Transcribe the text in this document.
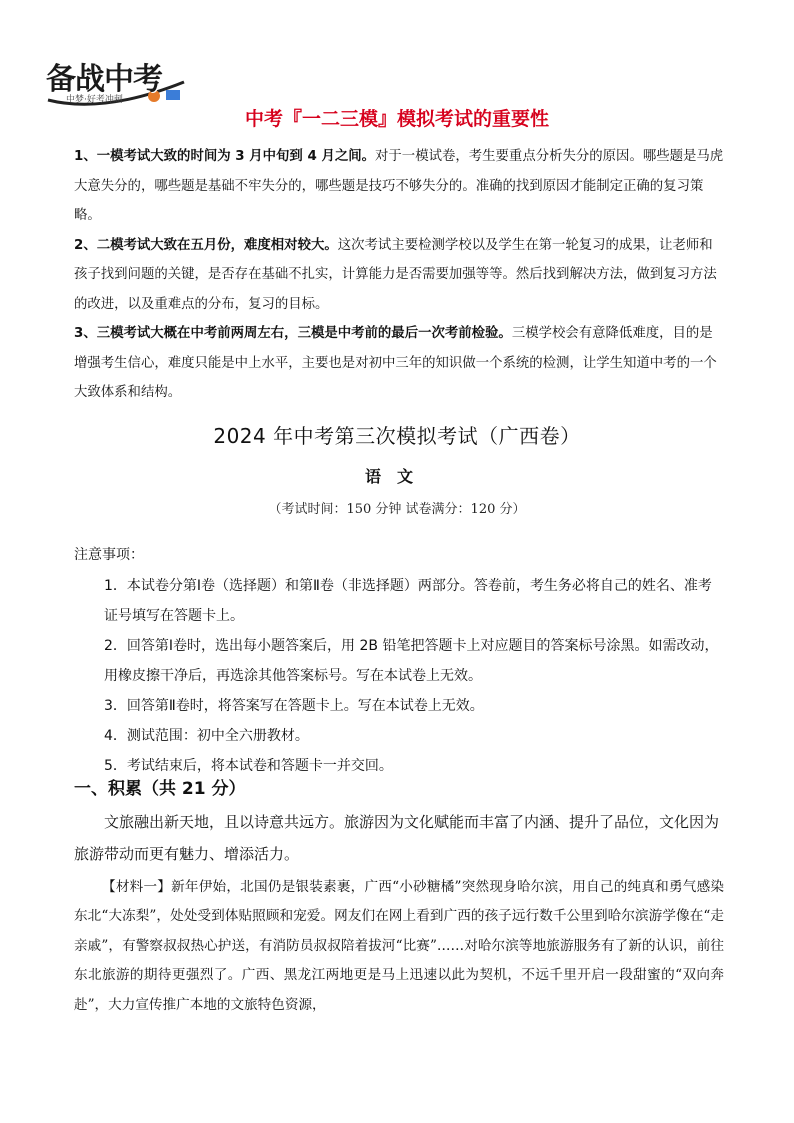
备战中考
中梦·好考冲刺
中考『一二三模』模拟考试的重要性

1、一模考试大致的时间为 3 月中旬到 4 月之间。对于一模试卷，考生要重点分析失分的原因。哪些题是马虎大意失分的，哪些题是基础不牢失分的，哪些题是技巧不够失分的。准确的找到原因才能制定正确的复习策略。

2、二模考试大致在五月份，难度相对较大。这次考试主要检测学校以及学生在第一轮复习的成果，让老师和孩子找到问题的关键，是否存在基础不扎实，计算能力是否需要加强等等。然后找到解决方法，做到复习方法的改进，以及重难点的分布，复习的目标。

3、三模考试大概在中考前两周左右，三模是中考前的最后一次考前检验。三模学校会有意降低难度，目的是增强考生信心，难度只能是中上水平，主要也是对初中三年的知识做一个系统的检测，让学生知道中考的一个大致体系和结构。

2024 年中考第三次模拟考试（广西卷）
语文
（考试时间：150 分钟 试卷满分：120 分）
注意事项：

1．本试卷分第Ⅰ卷（选择题）和第Ⅱ卷（非选择题）两部分。答卷前，考生务必将自己的姓名、准考证号填写在答题卡上。

2．回答第Ⅰ卷时，选出每小题答案后，用 2B 铅笔把答题卡上对应题目的答案标号涂黑。如需改动，用橡皮擦干净后，再选涂其他答案标号。写在本试卷上无效。

3．回答第Ⅱ卷时，将答案写在答题卡上。写在本试卷上无效。

4．测试范围：初中全六册教材。

5．考试结束后，将本试卷和答题卡一并交回。

一、积累（共 21 分）

文旅融出新天地，且以诗意共远方。旅游因为文化赋能而丰富了内涵、提升了品位，文化因为旅游带动而更有魅力、增添活力。

【材料一】新年伊始，北国仍是银装素裹，广西“小砂糖橘”突然现身哈尔滨，用自己的纯真和勇气感染东北“大冻梨”，处处受到体贴照顾和宠爱。网友们在网上看到广西的孩子远行数千公里到哈尔滨游学像在“走亲戚”，有警察叔叔热心护送，有消防员叔叔陪着拔河“比赛”……对哈尔滨等地旅游服务有了新的认识，前往东北旅游的期待更强烈了。广西、黑龙江两地更是马上迅速以此为契机，不远千里开启一段甜蜜的“双向奔赴”，大力宣传推广本地的文旅特色资源，
